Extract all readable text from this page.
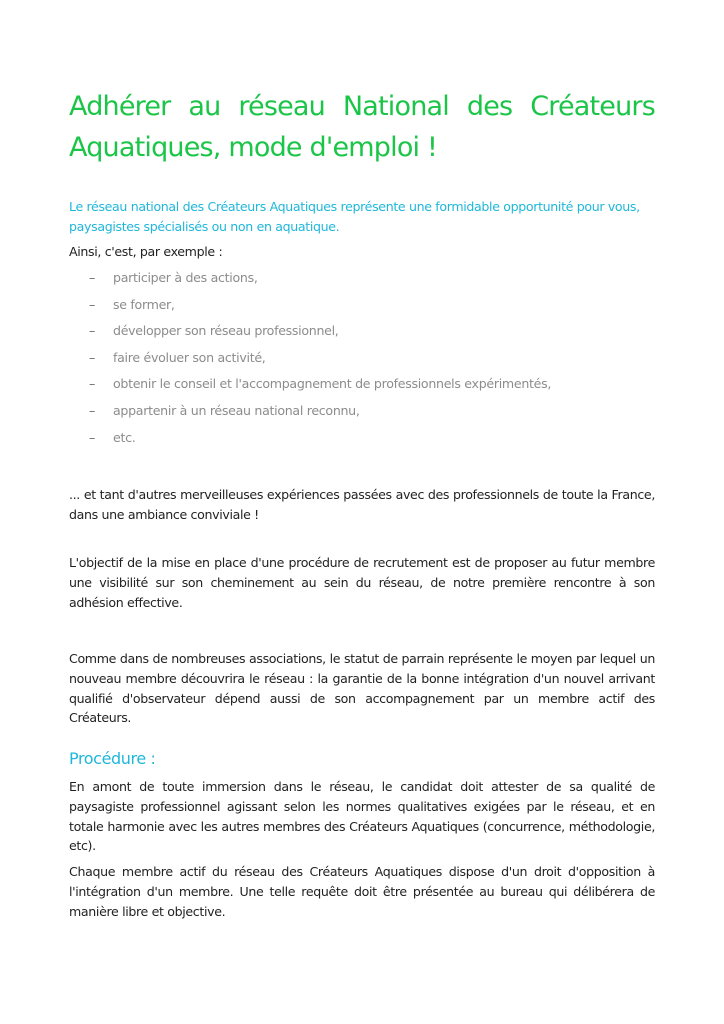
Adhérer au réseau National des Créateurs Aquatiques, mode d'emploi !

Le réseau national des Créateurs Aquatiques représente une formidable opportunité pour vous, paysagistes spécialisés ou non en aquatique.

Ainsi, c'est, par exemple :

– participer à des actions,
– se former,
– développer son réseau professionnel,
– faire évoluer son activité,
– obtenir le conseil et l'accompagnement de professionnels expérimentés,
– appartenir à un réseau national reconnu,
– etc.

... et tant d'autres merveilleuses expériences passées avec des professionnels de toute la France, dans une ambiance conviviale !

L'objectif de la mise en place d'une procédure de recrutement est de proposer au futur membre une visibilité sur son cheminement au sein du réseau, de notre première rencontre à son adhésion effective.

Comme dans de nombreuses associations, le statut de parrain représente le moyen par lequel un nouveau membre découvrira le réseau : la garantie de la bonne intégration d'un nouvel arrivant qualifié d'observateur dépend aussi de son accompagnement par un membre actif des Créateurs.

Procédure :

En amont de toute immersion dans le réseau, le candidat doit attester de sa qualité de paysagiste professionnel agissant selon les normes qualitatives exigées par le réseau, et en totale harmonie avec les autres membres des Créateurs Aquatiques (concurrence, méthodologie, etc).

Chaque membre actif du réseau des Créateurs Aquatiques dispose d'un droit d'opposition à l'intégration d'un membre. Une telle requête doit être présentée au bureau qui délibérera de manière libre et objective.
